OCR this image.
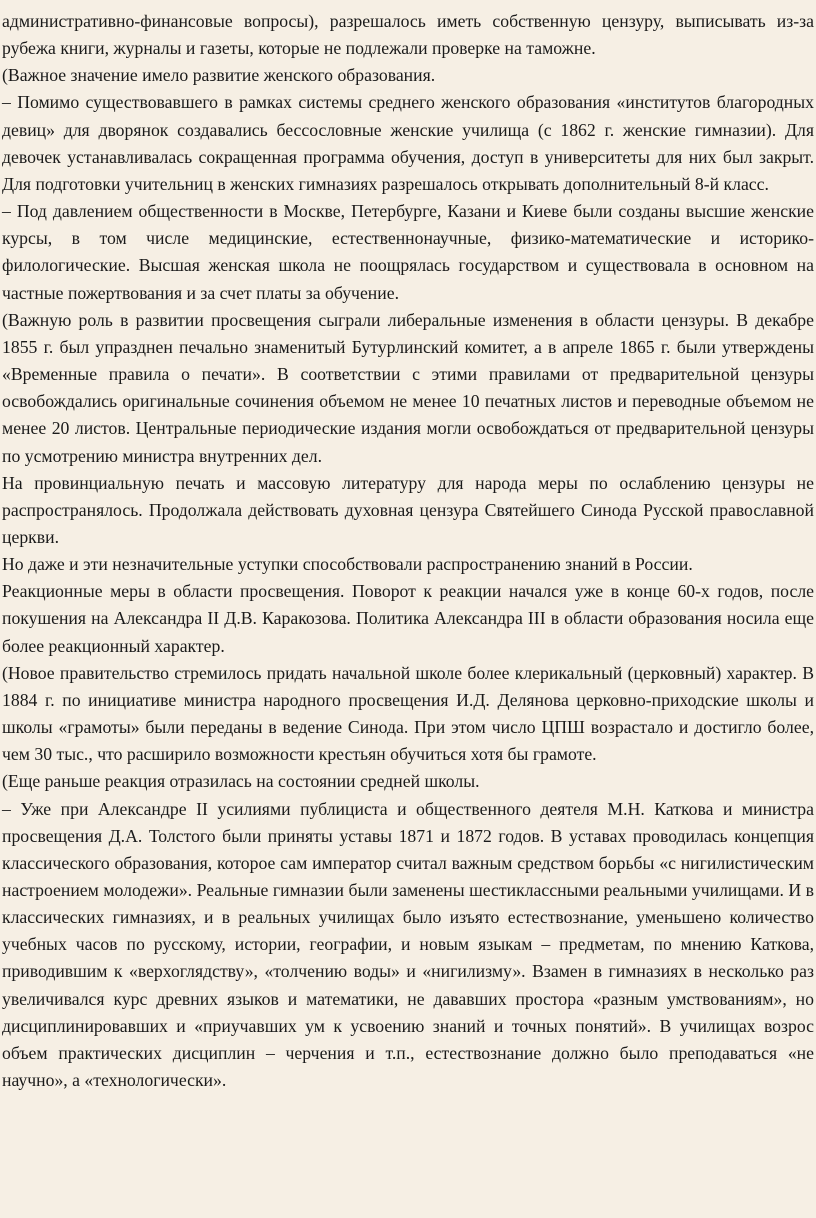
административно-финансовые вопросы), разрешалось иметь собственную цензуру, выписывать из-за рубежа книги, журналы и газеты, которые не подлежали проверке на таможне.

(Важное значение имело развитие женского образования.

– Помимо существовавшего в рамках системы среднего женского образования «институтов благородных девиц» для дворянок создавались бессословные женские училища (с 1862 г. женские гимназии). Для девочек устанавливалась сокращенная программа обучения, доступ в университеты для них был закрыт. Для подготовки учительниц в женских гимназиях разрешалось открывать дополнительный 8-й класс.

– Под давлением общественности в Москве, Петербурге, Казани и Киеве были созданы высшие женские курсы, в том числе медицинские, естественнонаучные, физико-математические и историко-филологические. Высшая женская школа не поощрялась государством и существовала в основном на частные пожертвования и за счет платы за обучение.

(Важную роль в развитии просвещения сыграли либеральные изменения в области цензуры. В декабре 1855 г. был упразднен печально знаменитый Бутурлинский комитет, а в апреле 1865 г. были утверждены «Временные правила о печати». В соответствии с этими правилами от предварительной цензуры освобождались оригинальные сочинения объемом не менее 10 печатных листов и переводные объемом не менее 20 листов. Центральные периодические издания могли освобождаться от предварительной цензуры по усмотрению министра внутренних дел.

На провинциальную печать и массовую литературу для народа меры по ослаблению цензуры не распространялось. Продолжала действовать духовная цензура Святейшего Синода Русской православной церкви.

Но даже и эти незначительные уступки способствовали распространению знаний в России.

Реакционные меры в области просвещения. Поворот к реакции начался уже в конце 60-х годов, после покушения на Александра II Д.В. Каракозова. Политика Александра III в области образования носила еще более реакционный характер.

(Новое правительство стремилось придать начальной школе более клерикальный (церковный) характер. В 1884 г. по инициативе министра народного просвещения И.Д. Делянова церковно-приходские школы и школы «грамоты» были переданы в ведение Синода. При этом число ЦПШ возрастало и достигло более, чем 30 тыс., что расширило возможности крестьян обучиться хотя бы грамоте.

(Еще раньше реакция отразилась на состоянии средней школы.

– Уже при Александре II усилиями публициста и общественного деятеля М.Н. Каткова и министра просвещения Д.А. Толстого были приняты уставы 1871 и 1872 годов. В уставах проводилась концепция классического образования, которое сам император считал важным средством борьбы «с нигилистическим настроением молодежи». Реальные гимназии были заменены шестиклассными реальными училищами. И в классических гимназиях, и в реальных училищах было изъято естествознание, уменьшено количество учебных часов по русскому, истории, географии, и новым языкам – предметам, по мнению Каткова, приводившим к «верхоглядству», «толчению воды» и «нигилизму». Взамен в гимназиях в несколько раз увеличивался курс древних языков и математики, не дававших простора «разным умствованиям», но дисциплинировавших и «приучавших ум к усвоению знаний и точных понятий». В училищах возрос объем практических дисциплин – черчения и т.п., естествознание должно было преподаваться «не научно», а «технологически».
